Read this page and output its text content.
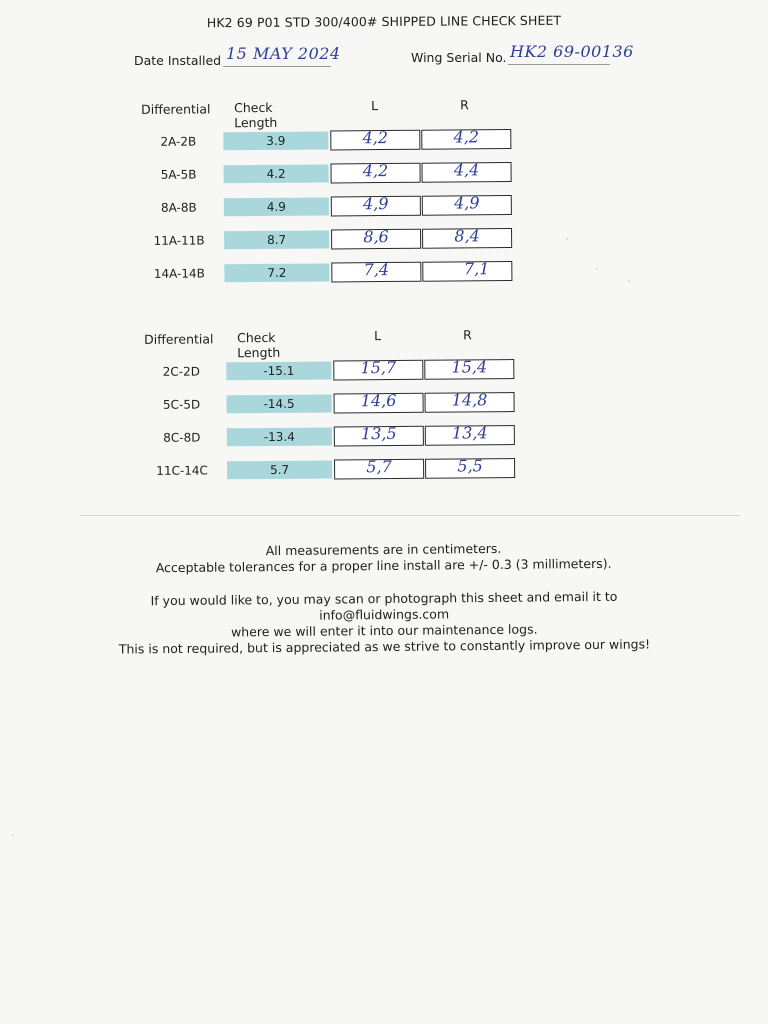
HK2 69 P01 STD 300/400# SHIPPED LINE CHECK SHEET
Date Installed 15 MAY 2024	Wing Serial No. HK2 69-00136
Differential Check Length
L	R
2A-2B	3.9	4,2	4,2
5A-5B	4.2	4,2	4,4
8A-8B	4.9	4,9	4,9
11A-11B	8.7	8,6	8,4
14A-14B	7.2	7,4	7,1
Differential Check Length
L	R
2C-2D	-15.1	15,7	15,4
5C-5D	-14.5	14,6	14,8
8C-8D	-13.4	13,5	13,4
11C-14C	5.7	5,7	5,5

All measurements are in centimeters.

Acceptable tolerances for a proper line install are +/- 0.3 (3 millimeters).

If you would like to, you may scan or photograph this sheet and email it to

info@fluidwings.com

where we will enter it into our maintenance logs.

This is not required, but is appreciated as we strive to constantly improve our wings!
